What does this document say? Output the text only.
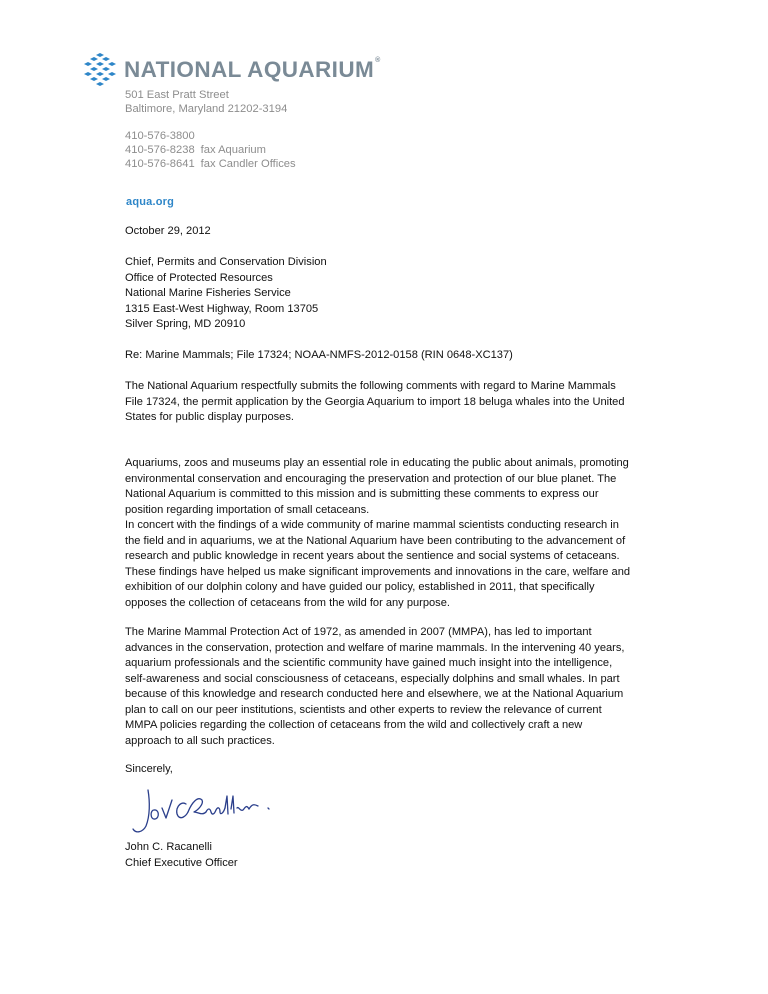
NATIONAL AQUARIUM®
501 East Pratt Street
Baltimore, Maryland 21202-3194
410-576-3800
410-576-8238 fax Aquarium
410-576-8641 fax Candler Offices
aqua.org

October 29, 2012

Chief, Permits and Conservation Division
Office of Protected Resources
National Marine Fisheries Service
1315 East-West Highway, Room 13705
Silver Spring, MD 20910

Re: Marine Mammals; File 17324; NOAA-NMFS-2012-0158 (RIN 0648-XC137)

The National Aquarium respectfully submits the following comments with regard to Marine Mammals
File 17324, the permit application by the Georgia Aquarium to import 18 beluga whales into the United
States for public display purposes.
Aquariums, zoos and museums play an essential role in educating the public about animals, promoting
environmental conservation and encouraging the preservation and protection of our blue planet. The
National Aquarium is committed to this mission and is submitting these comments to express our
position regarding importation of small cetaceans.
In concert with the findings of a wide community of marine mammal scientists conducting research in
the field and in aquariums, we at the National Aquarium have been contributing to the advancement of
research and public knowledge in recent years about the sentience and social systems of cetaceans.
These findings have helped us make significant improvements and innovations in the care, welfare and
exhibition of our dolphin colony and have guided our policy, established in 2011, that specifically
opposes the collection of cetaceans from the wild for any purpose.
The Marine Mammal Protection Act of 1972, as amended in 2007 (MMPA), has led to important
advances in the conservation, protection and welfare of marine mammals. In the intervening 40 years,
aquarium professionals and the scientific community have gained much insight into the intelligence,
self-awareness and social consciousness of cetaceans, especially dolphins and small whales. In part
because of this knowledge and research conducted here and elsewhere, we at the National Aquarium
plan to call on our peer institutions, scientists and other experts to review the relevance of current
MMPA policies regarding the collection of cetaceans from the wild and collectively craft a new
approach to all such practices.

Sincerely,

John C. Racanelli
Chief Executive Officer
